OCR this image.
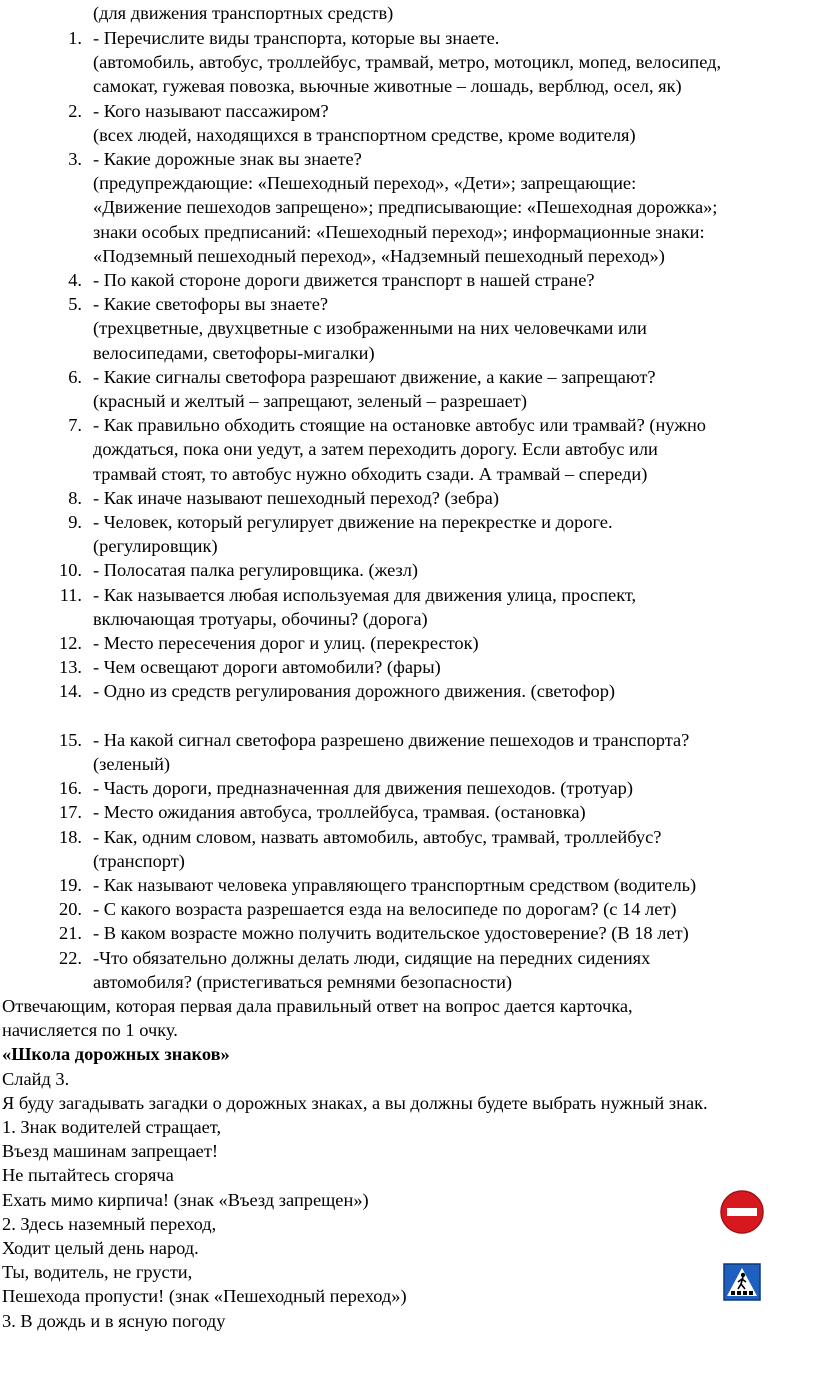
(для движения транспортных средств)
1. - Перечислите виды транспорта, которые вы знаете.
(автомобиль, автобус, троллейбус, трамвай, метро, мотоцикл, мопед, велосипед,
самокат, гужевая повозка, вьючные животные – лошадь, верблюд, осел, як)
2. - Кого называют пассажиром?
(всех людей, находящихся в транспортном средстве, кроме водителя)
3. - Какие дорожные знак вы знаете?
(предупреждающие: «Пешеходный переход», «Дети»; запрещающие:
«Движение пешеходов запрещено»; предписывающие: «Пешеходная дорожка»;
знаки особых предписаний: «Пешеходный переход»; информационные знаки:
«Подземный пешеходный переход», «Надземный пешеходный переход»)
4. - По какой стороне дороги движется транспорт в нашей стране?
5. - Какие светофоры вы знаете?
(трехцветные, двухцветные с изображенными на них человечками или
велосипедами, светофоры-мигалки)
6. - Какие сигналы светофора разрешают движение, а какие – запрещают?
(красный и желтый – запрещают, зеленый – разрешает)
7. - Как правильно обходить стоящие на остановке автобус или трамвай? (нужно
дождаться, пока они уедут, а затем переходить дорогу. Если автобус или
трамвай стоят, то автобус нужно обходить сзади. А трамвай – спереди)
8. - Как иначе называют пешеходный переход? (зебра)
9. - Человек, который регулирует движение на перекрестке и дороге.
(регулировщик)
10. - Полосатая палка регулировщика. (жезл)
11. - Как называется любая используемая для движения улица, проспект,
включающая тротуары, обочины? (дорога)
12. - Место пересечения дорог и улиц. (перекресток)
13. - Чем освещают дороги автомобили? (фары)
14. - Одно из средств регулирования дорожного движения. (светофор)
15. - На какой сигнал светофора разрешено движение пешеходов и транспорта?
(зеленый)
16. - Часть дороги, предназначенная для движения пешеходов. (тротуар)
17. - Место ожидания автобуса, троллейбуса, трамвая. (остановка)
18. - Как, одним словом, назвать автомобиль, автобус, трамвай, троллейбус?
(транспорт)
19. - Как называют человека управляющего транспортным средством (водитель)
20. - С какого возраста разрешается езда на велосипеде по дорогам? (с 14 лет)
21. - В каком возрасте можно получить водительское удостоверение? (В 18 лет)
22. -Что обязательно должны делать люди, сидящие на передних сидениях
автомобиля? (пристегиваться ремнями безопасности)
Отвечающим, которая первая дала правильный ответ на вопрос дается карточка,
начисляется по 1 очку.
«Школа дорожных знаков»
Слайд 3.
Я буду загадывать загадки о дорожных знаках, а вы должны будете выбрать нужный знак.
1. Знак водителей стращает,
Въезд машинам запрещает!
Не пытайтесь сгоряча
Ехать мимо кирпича! (знак «Въезд запрещен»)
2. Здесь наземный переход,
Ходит целый день народ.
Ты, водитель, не грусти,
Пешехода пропусти! (знак «Пешеходный переход»)
3. В дождь и в ясную погоду
